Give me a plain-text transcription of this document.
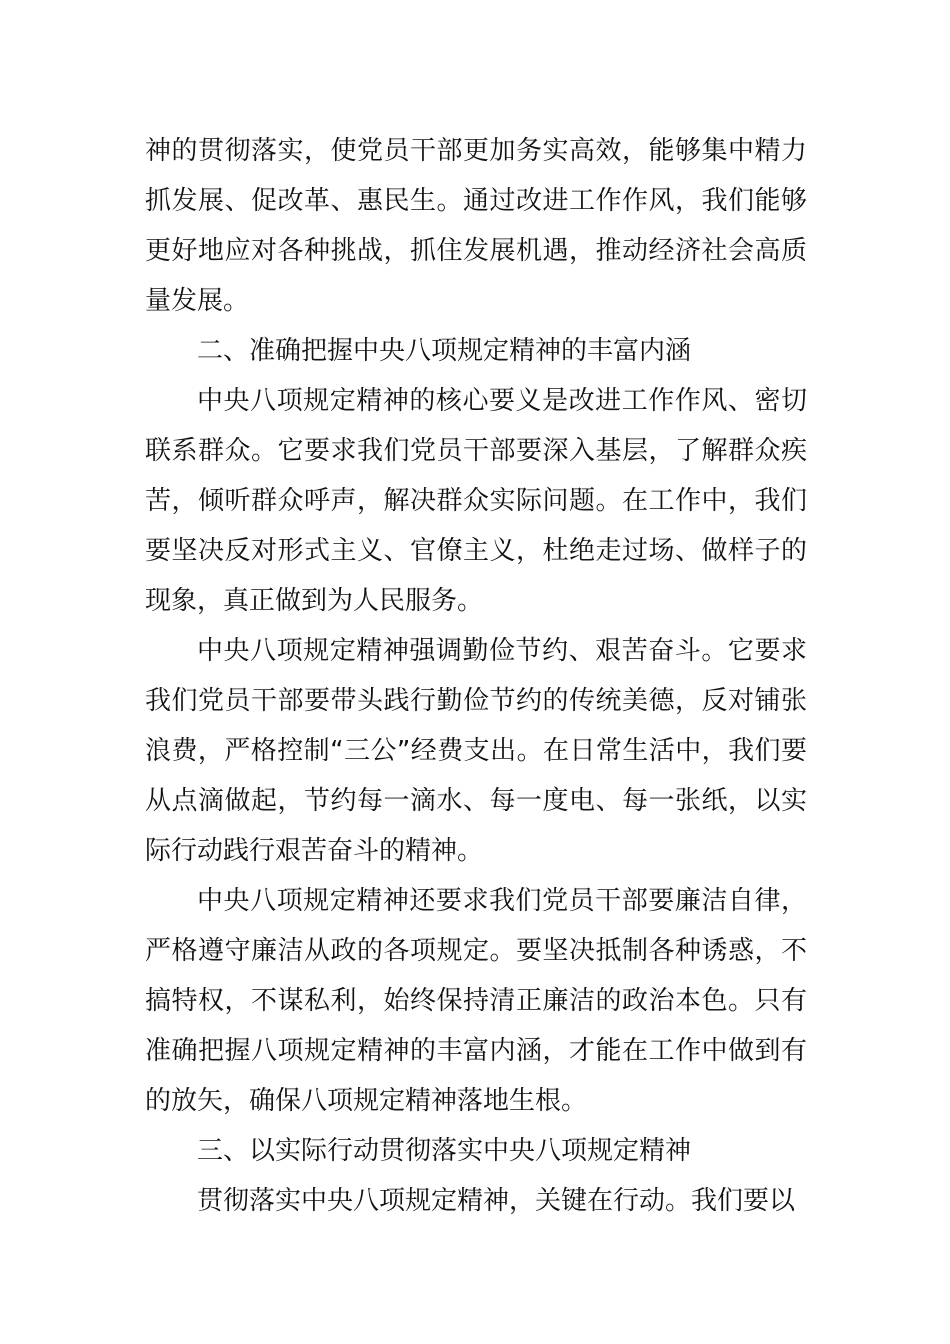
神的贯彻落实，使党员干部更加务实高效，能够集中精力抓发展、促改革、惠民生。通过改进工作作风，我们能够更好地应对各种挑战，抓住发展机遇，推动经济社会高质量发展。

二、准确把握中央八项规定精神的丰富内涵

中央八项规定精神的核心要义是改进工作作风、密切联系群众。它要求我们党员干部要深入基层，了解群众疾苦，倾听群众呼声，解决群众实际问题。在工作中，我们要坚决反对形式主义、官僚主义，杜绝走过场、做样子的现象，真正做到为人民服务。

中央八项规定精神强调勤俭节约、艰苦奋斗。它要求我们党员干部要带头践行勤俭节约的传统美德，反对铺张浪费，严格控制“三公”经费支出。在日常生活中，我们要从点滴做起，节约每一滴水、每一度电、每一张纸，以实际行动践行艰苦奋斗的精神。

中央八项规定精神还要求我们党员干部要廉洁自律，严格遵守廉洁从政的各项规定。要坚决抵制各种诱惑，不搞特权，不谋私利，始终保持清正廉洁的政治本色。只有准确把握八项规定精神的丰富内涵，才能在工作中做到有的放矢，确保八项规定精神落地生根。

三、以实际行动贯彻落实中央八项规定精神

贯彻落实中央八项规定精神，关键在行动。我们要以
